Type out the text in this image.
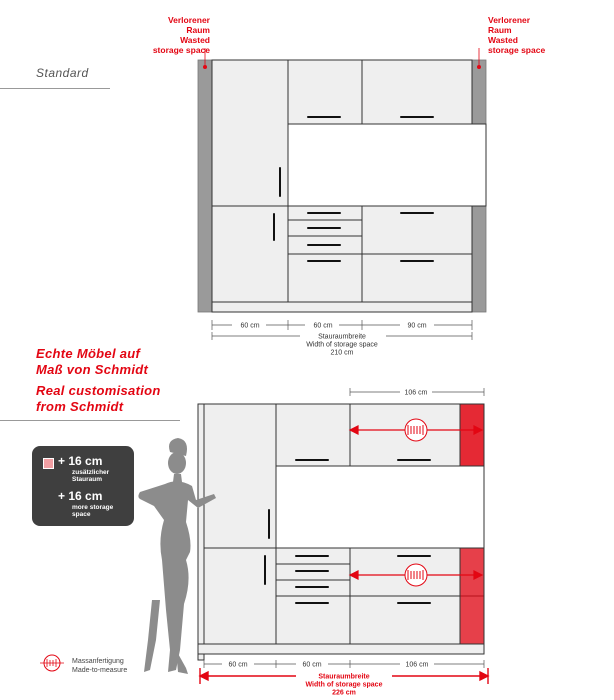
Verlorener
Raum
Wasted
storage space
Verlorener
Raum
Wasted
storage space
Standard
Echte Möbel auf
Maß von Schmidt
Real customisation
from Schmidt
60 cm	60 cm	90 cm
Stauraumbreite
Width of storage space
210 cm
106 cm
60 cm	60 cm	106 cm
Stauraumbreite
Width of storage space
226 cm
+ 16 cm
zusätzlicher
Stauraum
+ 16 cm
more storage
space
Massanfertigung
Made-to-measure
